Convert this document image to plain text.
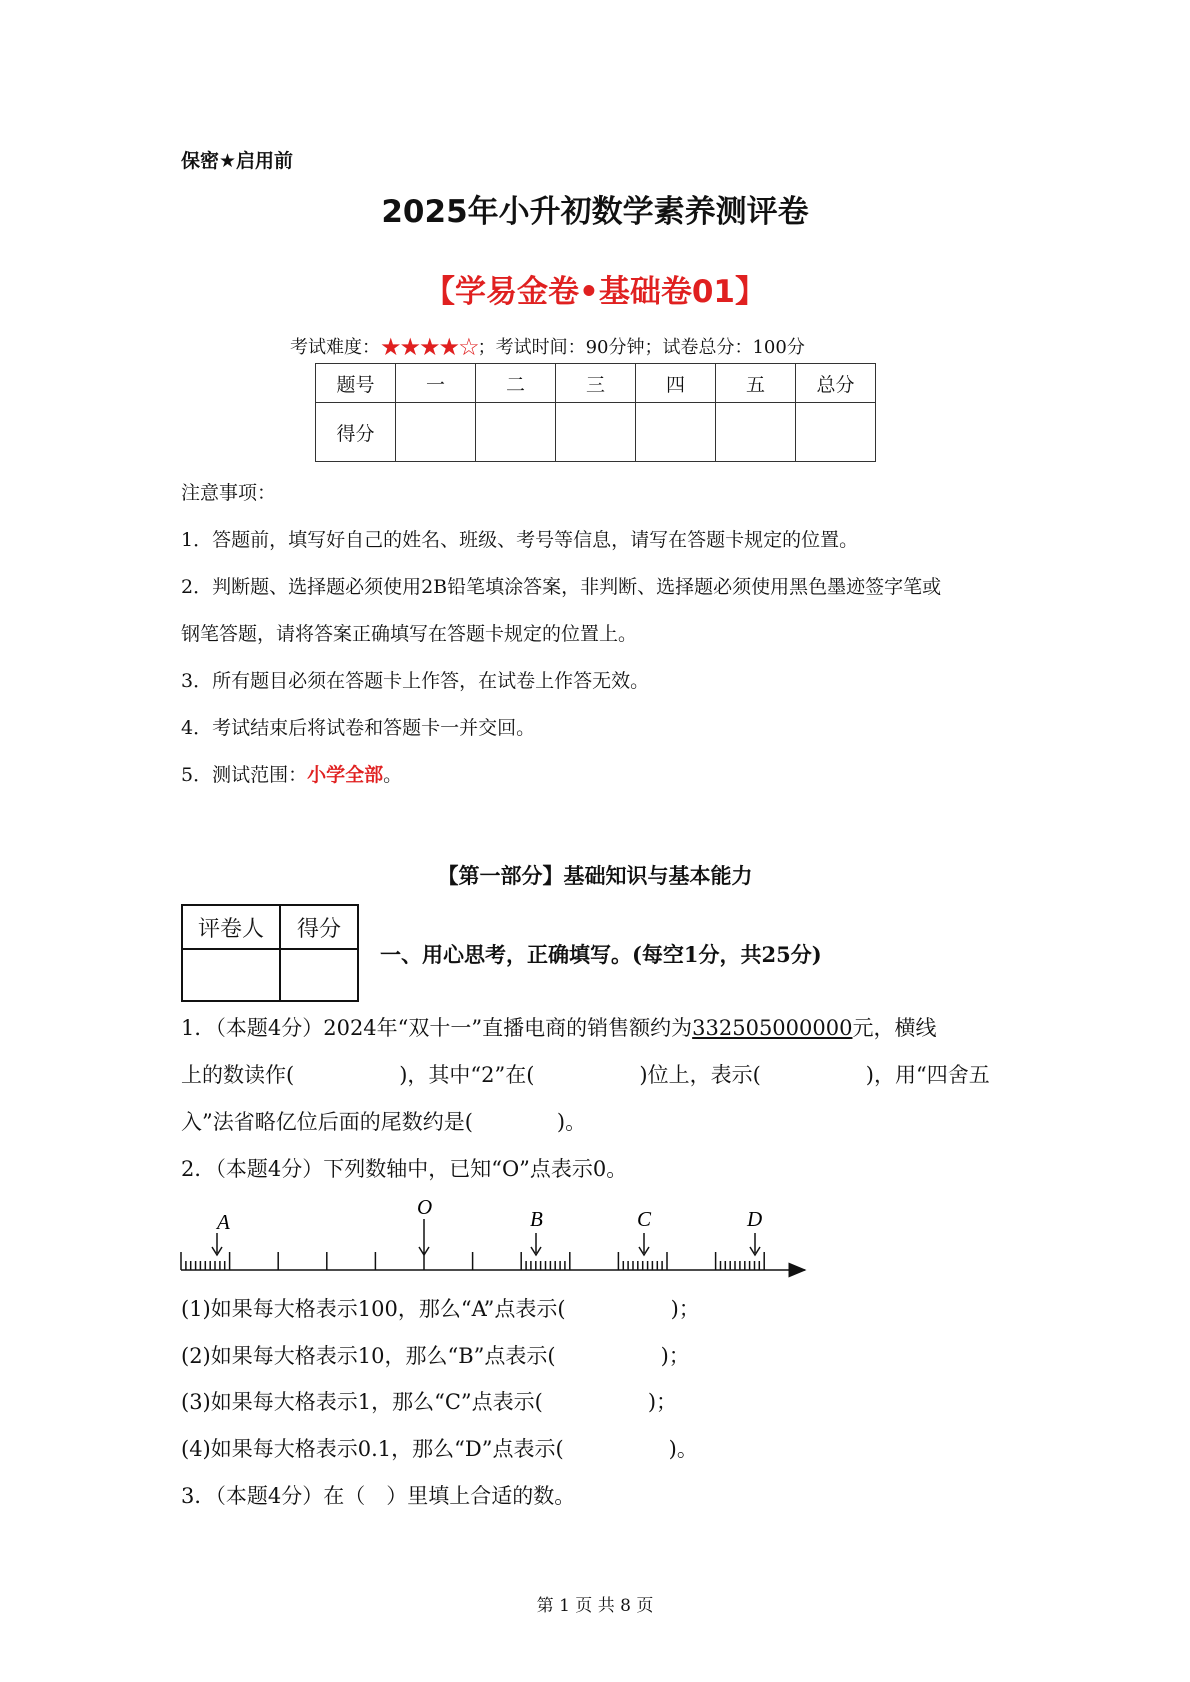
保密★启用前
2025年小升初数学素养测评卷
【学易金卷•基础卷01】
考试难度：★★★★☆；考试时间：90分钟；试卷总分：100分
题号	一	二	三	四	五	总分
得分						
注意事项：
1．答题前，填写好自己的姓名、班级、考号等信息，请写在答题卡规定的位置。
2．判断题、选择题必须使用2B铅笔填涂答案，非判断、选择题必须使用黑色墨迹签字笔或
钢笔答题，请将答案正确填写在答题卡规定的位置上。
3．所有题目必须在答题卡上作答，在试卷上作答无效。
4．考试结束后将试卷和答题卡一并交回。
5．测试范围：小学全部。
【第一部分】基础知识与基本能力
评卷人	得分

一、用心思考，正确填写。(每空1分，共25分)
1．（本题4分）2024年“双十一”直播电商的销售额约为332505000000元，横线
上的数读作(　　　　　)，其中“2”在(　　　　　)位上，表示(　　　　　)，用“四舍五
入”法省略亿位后面的尾数约是(　　　　)。
2．（本题4分）下列数轴中，已知“O”点表示0。
A
O	B	C	D
(1)如果每大格表示100，那么“A”点表示(　　　　　)；
(2)如果每大格表示10，那么“B”点表示(　　　　　)；
(3)如果每大格表示1，那么“C”点表示(　　　　　)；
(4)如果每大格表示0.1，那么“D”点表示(　　　　　)。
3．（本题4分）在（　）里填上合适的数。
第 1 页 共 8 页
